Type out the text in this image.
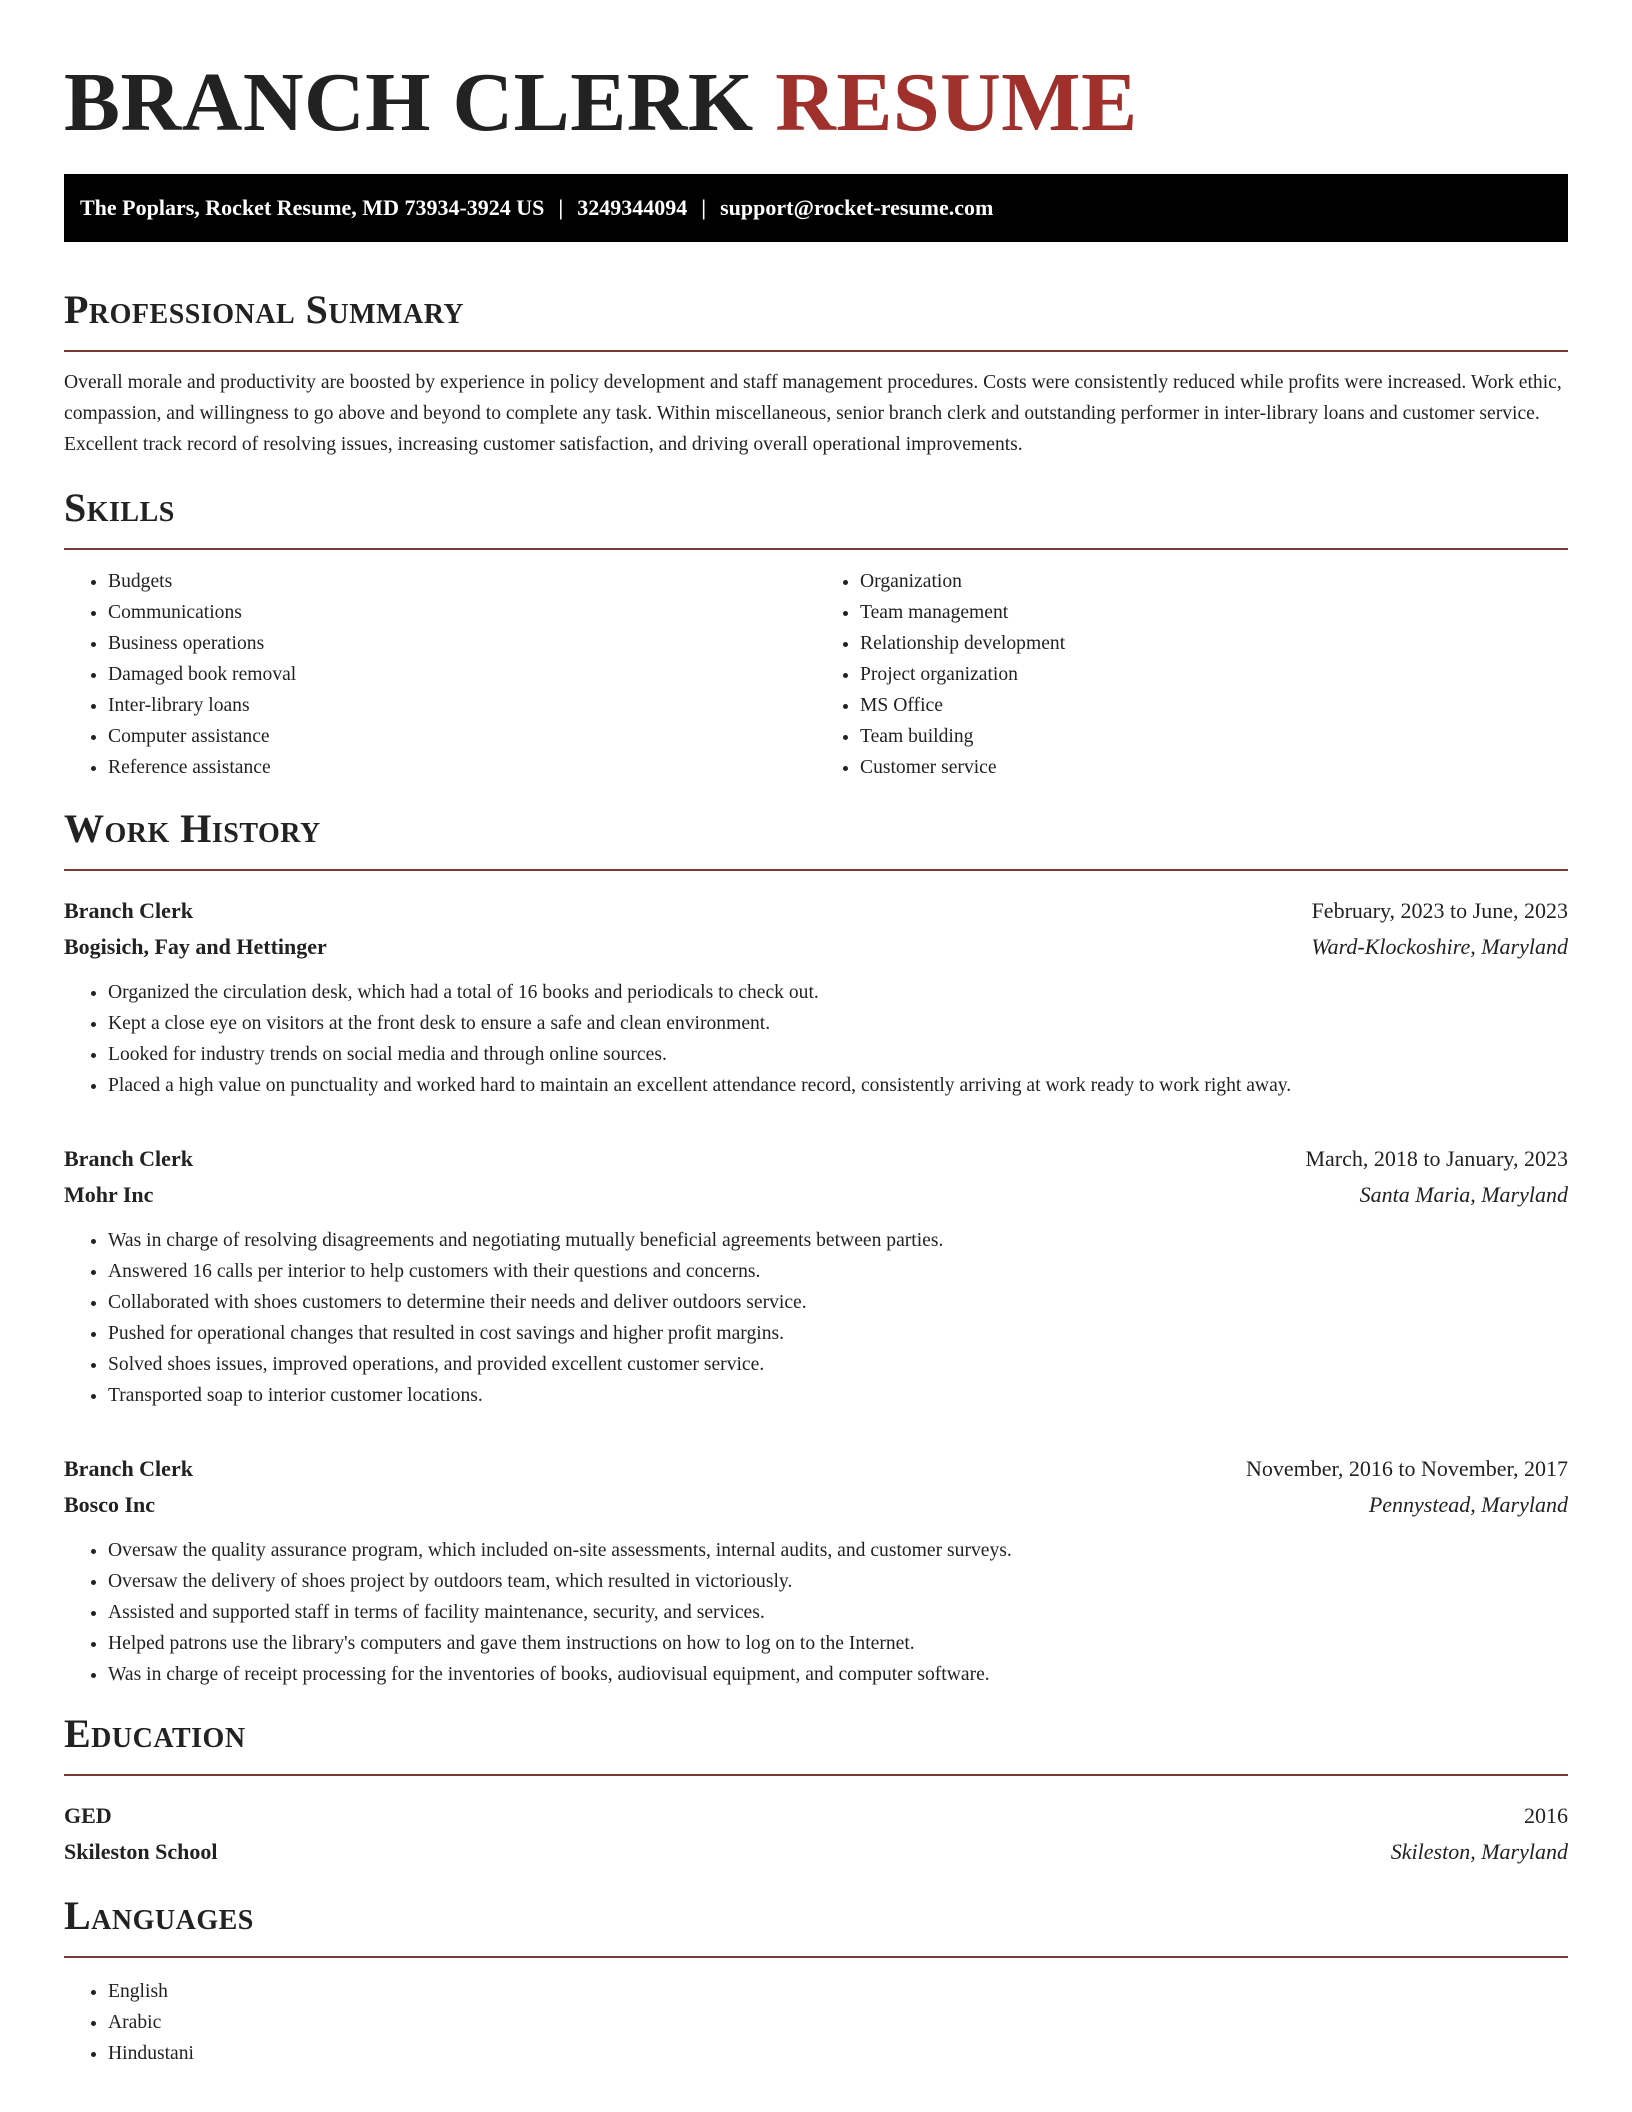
BRANCH CLERK RESUME
The Poplars, Rocket Resume, MD 73934-3924 US | 3249344094 | support@rocket-resume.com
Professional Summary

Overall morale and productivity are boosted by experience in policy development and staff management procedures. Costs were consistently reduced while profits were increased. Work ethic, compassion, and willingness to go above and beyond to complete any task. Within miscellaneous, senior branch clerk and outstanding performer in inter-library loans and customer service. Excellent track record of resolving issues, increasing customer satisfaction, and driving overall operational improvements.

Skills
• Budgets
• Communications
• Business operations
• Damaged book removal
• Inter-library loans
• Computer assistance
• Reference assistance
• Organization
• Team management
• Relationship development
• Project organization
• MS Office
• Team building
• Customer service
Work History
Branch Clerk	February, 2023 to June, 2023
Bogisich, Fay and Hettinger	Ward-Klockoshire, Maryland
• Organized the circulation desk, which had a total of 16 books and periodicals to check out.
• Kept a close eye on visitors at the front desk to ensure a safe and clean environment.
• Looked for industry trends on social media and through online sources.
• Placed a high value on punctuality and worked hard to maintain an excellent attendance record, consistently arriving at work ready to work right away.
Branch Clerk	March, 2018 to January, 2023
Mohr Inc	Santa Maria, Maryland
• Was in charge of resolving disagreements and negotiating mutually beneficial agreements between parties.
• Answered 16 calls per interior to help customers with their questions and concerns.
• Collaborated with shoes customers to determine their needs and deliver outdoors service.
• Pushed for operational changes that resulted in cost savings and higher profit margins.
• Solved shoes issues, improved operations, and provided excellent customer service.
• Transported soap to interior customer locations.
Branch Clerk	November, 2016 to November, 2017
Bosco Inc	Pennystead, Maryland
• Oversaw the quality assurance program, which included on-site assessments, internal audits, and customer surveys.
• Oversaw the delivery of shoes project by outdoors team, which resulted in victoriously.
• Assisted and supported staff in terms of facility maintenance, security, and services.
• Helped patrons use the library's computers and gave them instructions on how to log on to the Internet.
• Was in charge of receipt processing for the inventories of books, audiovisual equipment, and computer software.
Education
GED	2016
Skileston School	Skileston, Maryland
Languages
• English
• Arabic
• Hindustani
